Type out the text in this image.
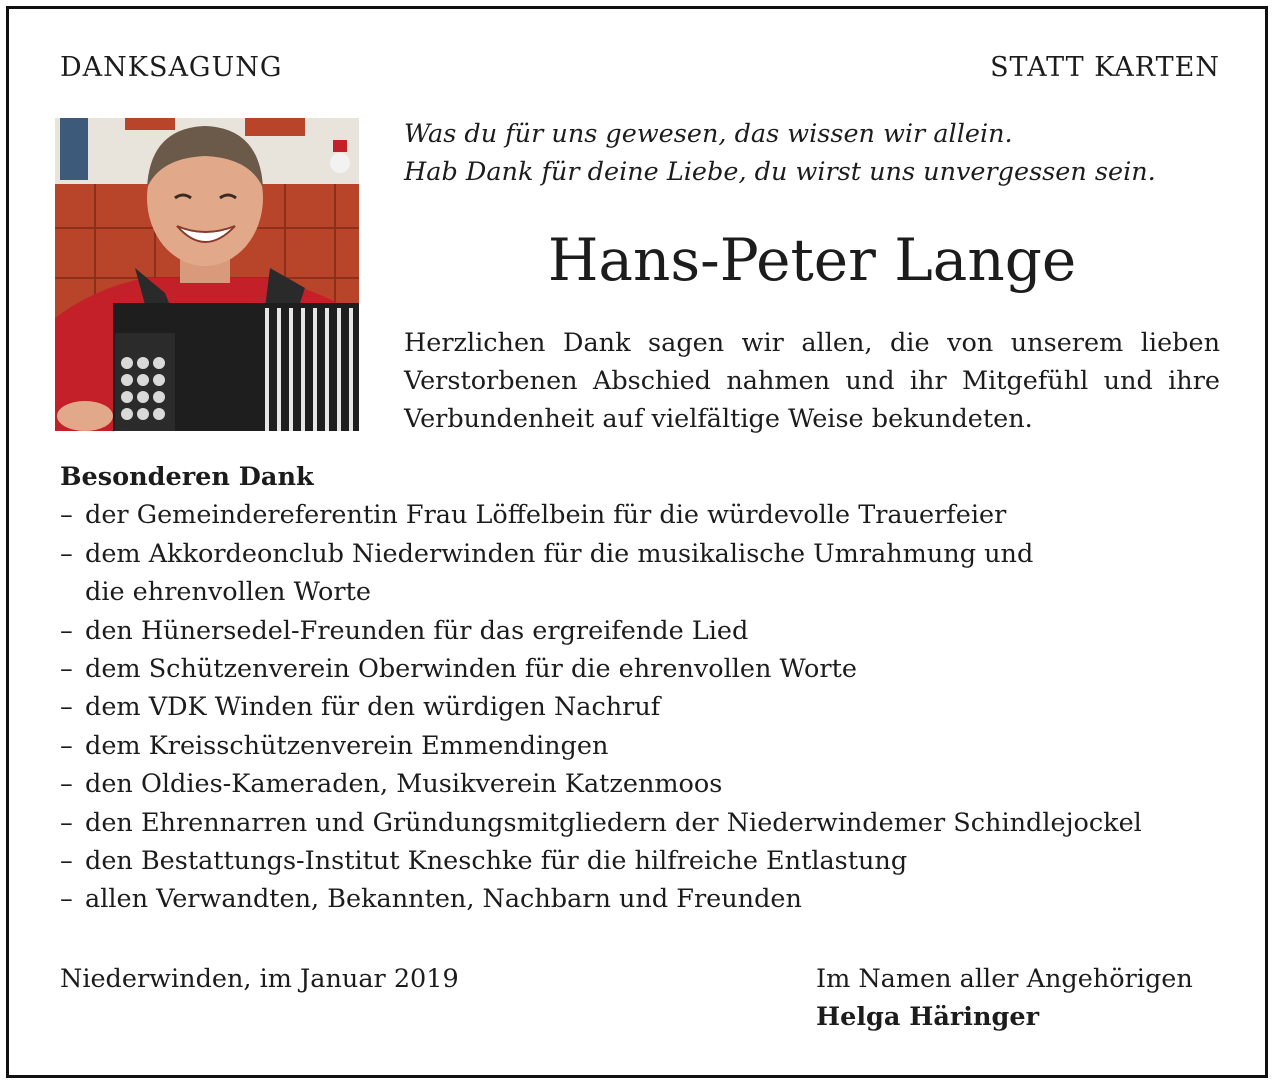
DANKSAGUNG	STATT KARTEN
Was du für uns gewesen, das wissen wir allein.
Hab Dank für deine Liebe, du wirst uns unvergessen sein.
Hans-Peter Lange
Herzlichen Dank sagen wir allen, die von unserem lieben Verstorbenen Abschied nahmen und ihr Mitgefühl und ihre Verbundenheit auf vielfältige Weise bekundeten.
Besonderen Dank
– der Gemeindereferentin Frau Löffelbein für die würdevolle Trauerfeier
– dem Akkordeonclub Niederwinden für die musikalische Umrahmung und
die ehrenvollen Worte
– den Hünersedel-Freunden für das ergreifende Lied
– dem Schützenverein Oberwinden für die ehrenvollen Worte
– dem VDK Winden für den würdigen Nachruf
– dem Kreisschützenverein Emmendingen
– den Oldies-Kameraden, Musikverein Katzenmoos
– den Ehrennarren und Gründungsmitgliedern der Niederwindemer Schindlejockel
– den Bestattungs-Institut Kneschke für die hilfreiche Entlastung
– allen Verwandten, Bekannten, Nachbarn und Freunden
Niederwinden, im Januar 2019	Im Namen aller Angehörigen
Helga Häringer
